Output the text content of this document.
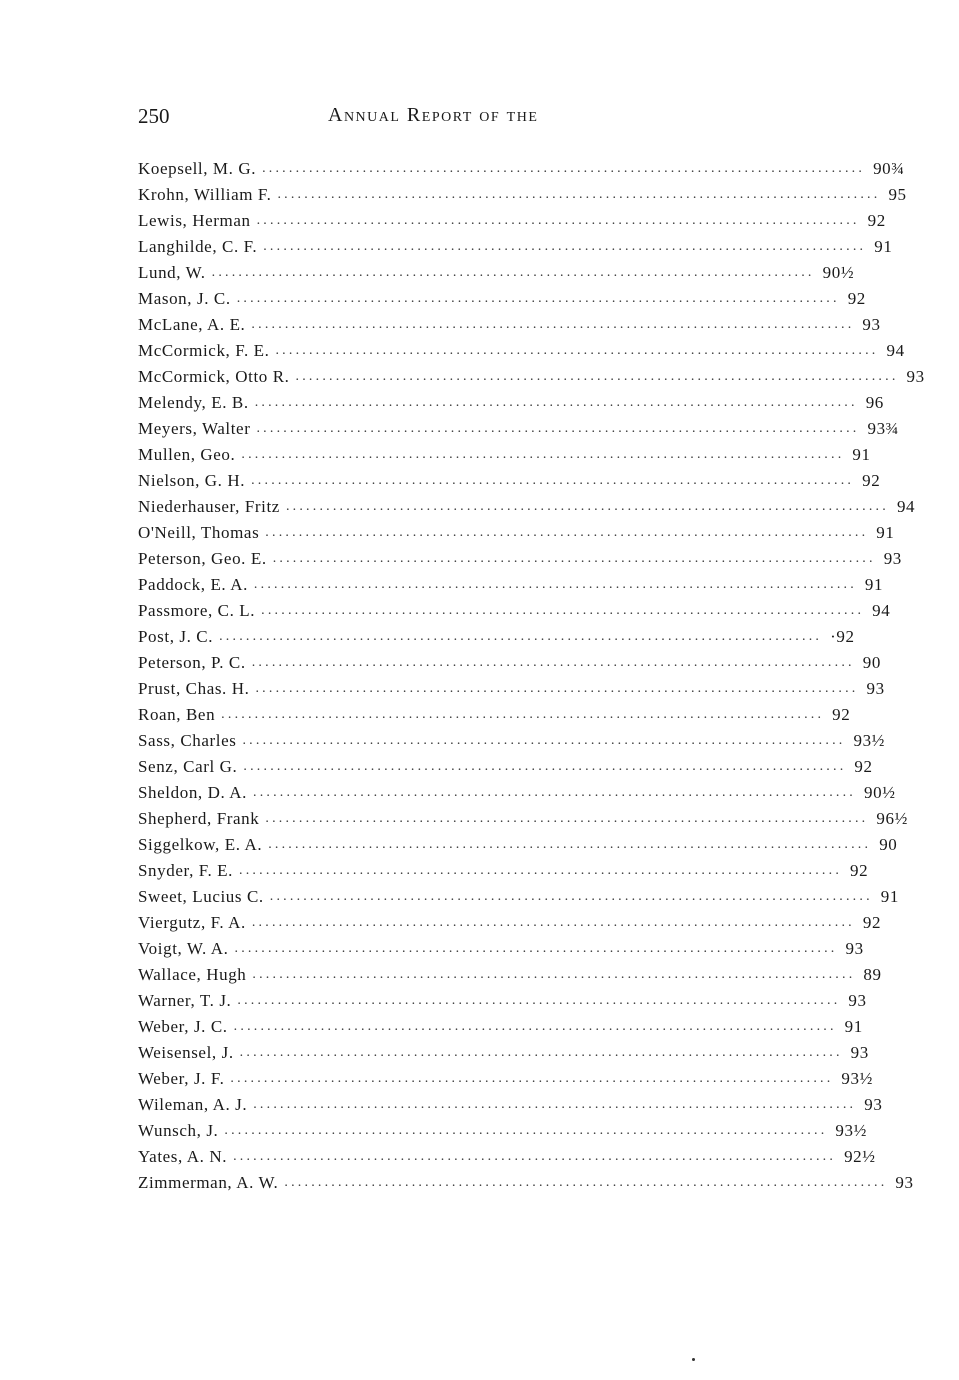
250	Annual Report of the
Koepsell, M. G. .......................................................................................... 90¾
Krohn, William F. .......................................................................................... 95
Lewis, Herman .......................................................................................... 92
Langhilde, C. F. .......................................................................................... 91
Lund, W. .......................................................................................... 90½
Mason, J. C. .......................................................................................... 92
McLane, A. E. .......................................................................................... 93
McCormick, F. E. .......................................................................................... 94
McCormick, Otto R. .......................................................................................... 93
Melendy, E. B. .......................................................................................... 96
Meyers, Walter .......................................................................................... 93¾
Mullen, Geo. .......................................................................................... 91
Nielson, G. H. .......................................................................................... 92
Niederhauser, Fritz .......................................................................................... 94
O'Neill, Thomas .......................................................................................... 91
Peterson, Geo. E. .......................................................................................... 93
Paddock, E. A. .......................................................................................... 91
Passmore, C. L. .......................................................................................... 94
Post, J. C. .......................................................................................... ·92
Peterson, P. C. .......................................................................................... 90
Prust, Chas. H. .......................................................................................... 93
Roan, Ben .......................................................................................... 92
Sass, Charles .......................................................................................... 93½
Senz, Carl G. .......................................................................................... 92
Sheldon, D. A. .......................................................................................... 90½
Shepherd, Frank .......................................................................................... 96½
Siggelkow, E. A. .......................................................................................... 90
Snyder, F. E. .......................................................................................... 92
Sweet, Lucius C. .......................................................................................... 91
Viergutz, F. A. .......................................................................................... 92
Voigt, W. A. .......................................................................................... 93
Wallace, Hugh .......................................................................................... 89
Warner, T. J. .......................................................................................... 93
Weber, J. C. .......................................................................................... 91
Weisensel, J. .......................................................................................... 93
Weber, J. F. .......................................................................................... 93½
Wileman, A. J. .......................................................................................... 93
Wunsch, J. .......................................................................................... 93½
Yates, A. N. .......................................................................................... 92½
Zimmerman, A. W. .......................................................................................... 93
